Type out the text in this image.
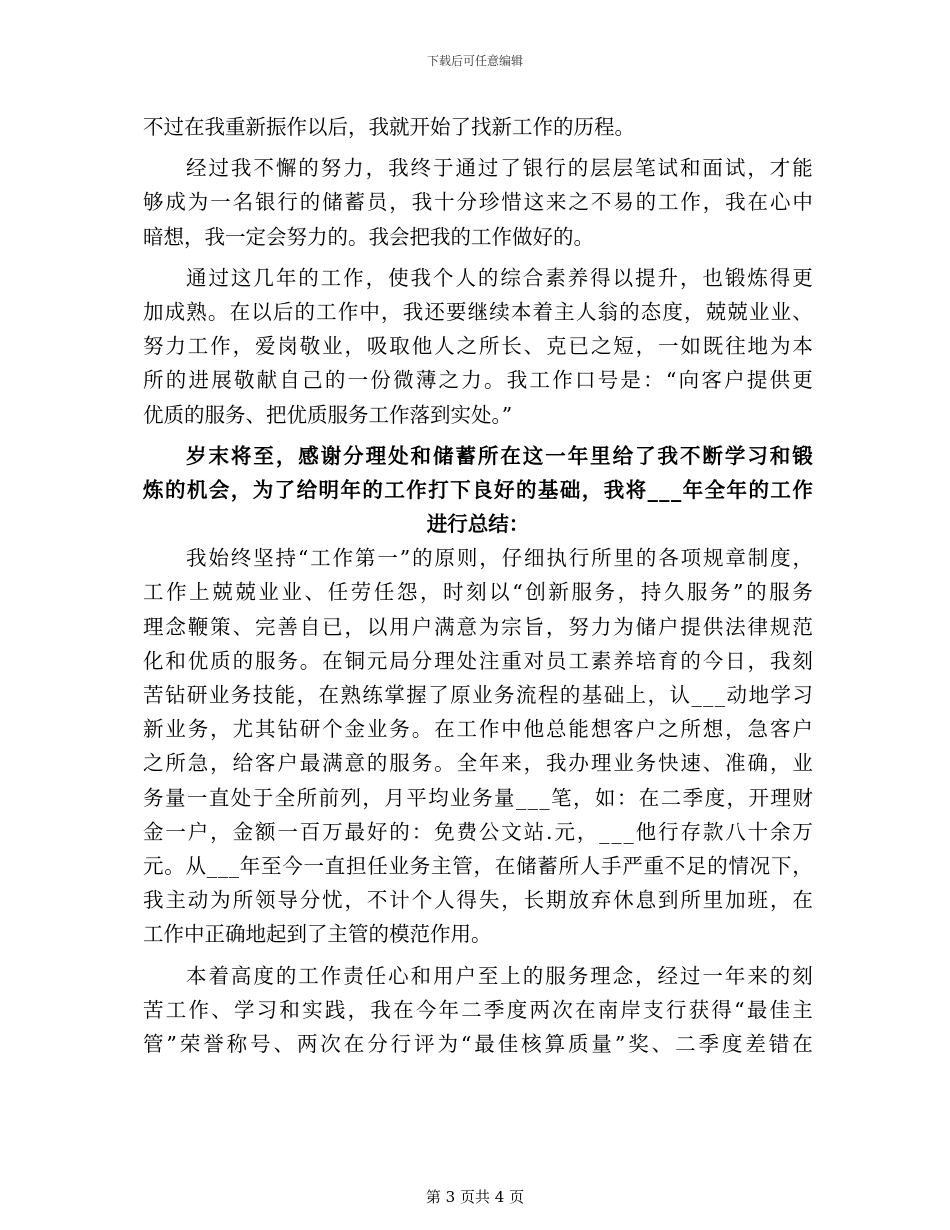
下载后可任意编辑
不过在我重新振作以后，我就开始了找新工作的历程。
经 过 我 不 懈 的 努 力 ， 我 终 于 通 过 了 银 行 的 层 层 笔 试 和 面 试 ， 才 能
够 成 为 一 名 银 行 的 储 蓄 员 ， 我 十 分 珍 惜 这 来 之 不 易 的 工 作 ， 我 在 心 中
暗想，我一定会努力的。我会把我的工作做好的。
通 过 这 几 年 的 工 作 ， 使 我 个 人 的 综 合 素 养 得 以 提 升 ， 也 锻 炼 得 更
加 成 熟 。 在 以 后 的 工 作 中 ， 我 还 要 继 续 本 着 主 人 翁 的 态 度 ， 兢 兢 业 业 、
努 力 工 作 ， 爱 岗 敬 业 ， 吸 取 他 人 之 所 长 、 克 已 之 短 ， 一 如 既 往 地 为 本
所 的 进 展 敬 献 自 己 的 一 份 微 薄 之 力 。 我 工 作 口 号 是 ： “ 向 客 户 提 供 更
优质的服务、把优质服务工作落到实处。”
岁 末 将 至 ， 感 谢 分 理 处 和 储 蓄 所 在 这 一 年 里 给 了 我 不 断 学 习 和 锻
炼 的 机 会 ， 为 了 给 明 年 的 工 作 打 下 良 好 的 基 础 ， 我 将 _ _ _ 年 全 年 的 工 作
进行总结：
我 始 终 坚 持 “ 工 作 第 一 ” 的 原 则 ， 仔 细 执 行 所 里 的 各 项 规 章 制 度 ，
工 作 上 兢 兢 业 业 、 任 劳 任 怨 ， 时 刻 以 “ 创 新 服 务 ， 持 久 服 务 ” 的 服 务
理 念 鞭 策 、 完 善 自 已 ， 以 用 户 满 意 为 宗 旨 ， 努 力 为 储 户 提 供 法 律 规 范
化 和 优 质 的 服 务 。 在 铜 元 局 分 理 处 注 重 对 员 工 素 养 培 育 的 今 日 ， 我 刻
苦 钻 研 业 务 技 能 ， 在 熟 练 掌 握 了 原 业 务 流 程 的 基 础 上 ， 认 _ _ _ 动 地 学 习
新 业 务 ， 尤 其 钻 研 个 金 业 务 。 在 工 作 中 他 总 能 想 客 户 之 所 想 ， 急 客 户
之 所 急 ， 给 客 户 最 满 意 的 服 务 。 全 年 来 ， 我 办 理 业 务 快 速 、 准 确 ， 业
务 量 一 直 处 于 全 所 前 列 ， 月 平 均 业 务 量 _ _ _ 笔 ， 如 ： 在 二 季 度 ， 开 理 财
金 一 户 ， 金 额 一 百 万 最 好 的 ： 免 费 公 文 站 . 元 ， _ _ _ 他 行 存 款 八 十 余 万
元 。 从 _ _ _ 年 至 今 一 直 担 任 业 务 主 管 ， 在 储 蓄 所 人 手 严 重 不 足 的 情 况 下 ，
我 主 动 为 所 领 导 分 忧 ， 不 计 个 人 得 失 ， 长 期 放 弃 休 息 到 所 里 加 班 ， 在
工作中正确地起到了主管的模范作用。
本 着 高 度 的 工 作 责 任 心 和 用 户 至 上 的 服 务 理 念 ， 经 过 一 年 来 的 刻
苦 工 作 、 学 习 和 实 践 ， 我 在 今 年 二 季 度 两 次 在 南 岸 支 行 获 得 “ 最 佳 主
管 ” 荣 誉 称 号 、 两 次 在 分 行 评 为 “ 最 佳 核 算 质 量 ” 奖 、 二 季 度 差 错 在
第 3 页共 4 页
